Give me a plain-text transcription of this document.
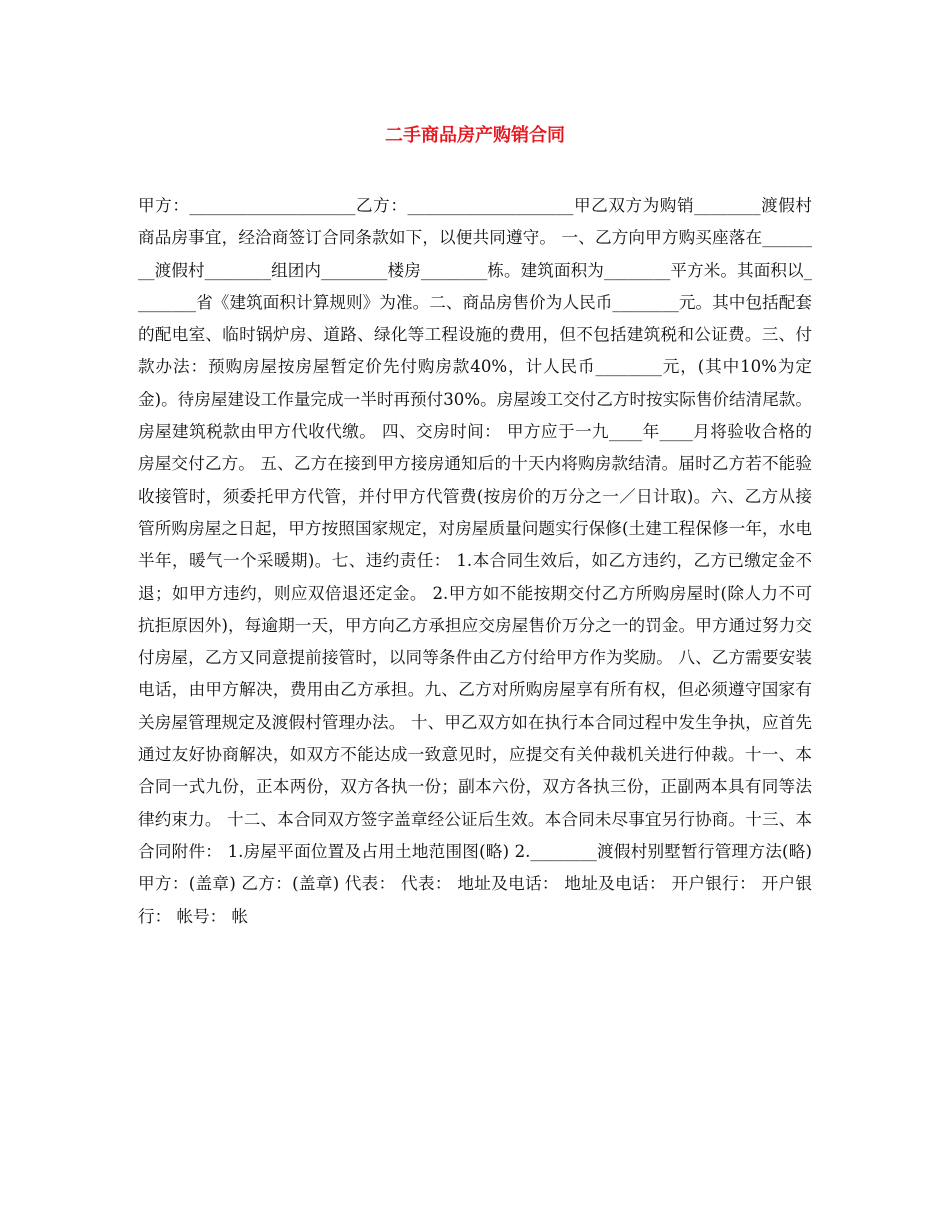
二手商品房产购销合同

甲方：____________________乙方：____________________甲乙双方为购销________渡假村商品房事宜，经洽商签订合同条款如下，以便共同遵守。 一、乙方向甲方购买座落在________渡假村________组团内________楼房________栋。建筑面积为________平方米。其面积以________省《建筑面积计算规则》为准。二、商品房售价为人民币________元。其中包括配套的配电室、临时锅炉房、道路、绿化等工程设施的费用，但不包括建筑税和公证费。三、付款办法：预购房屋按房屋暂定价先付购房款40%，计人民币________元，(其中10%为定金)。待房屋建设工作量完成一半时再预付30%。房屋竣工交付乙方时按实际售价结清尾款。房屋建筑税款由甲方代收代缴。 四、交房时间： 甲方应于一九____年____月将验收合格的房屋交付乙方。 五、乙方在接到甲方接房通知后的十天内将购房款结清。届时乙方若不能验收接管时，须委托甲方代管，并付甲方代管费(按房价的万分之一／日计取)。六、乙方从接管所购房屋之日起，甲方按照国家规定，对房屋质量问题实行保修(土建工程保修一年，水电半年，暖气一个采暖期)。七、违约责任： 1.本合同生效后，如乙方违约，乙方已缴定金不退；如甲方违约，则应双倍退还定金。 2.甲方如不能按期交付乙方所购房屋时(除人力不可抗拒原因外)，每逾期一天，甲方向乙方承担应交房屋售价万分之一的罚金。甲方通过努力交付房屋，乙方又同意提前接管时，以同等条件由乙方付给甲方作为奖励。 八、乙方需要安装电话，由甲方解决，费用由乙方承担。九、乙方对所购房屋享有所有权，但必须遵守国家有关房屋管理规定及渡假村管理办法。 十、甲乙双方如在执行本合同过程中发生争执，应首先通过友好协商解决，如双方不能达成一致意见时，应提交有关仲裁机关进行仲裁。十一、本合同一式九份，正本两份，双方各执一份；副本六份，双方各执三份，正副两本具有同等法律约束力。 十二、本合同双方签字盖章经公证后生效。本合同未尽事宜另行协商。十三、本合同附件： 1.房屋平面位置及占用土地范围图(略) 2.________渡假村别墅暂行管理方法(略) 甲方：(盖章) 乙方：(盖章) 代表： 代表： 地址及电话： 地址及电话： 开户银行： 开户银行： 帐号： 帐
